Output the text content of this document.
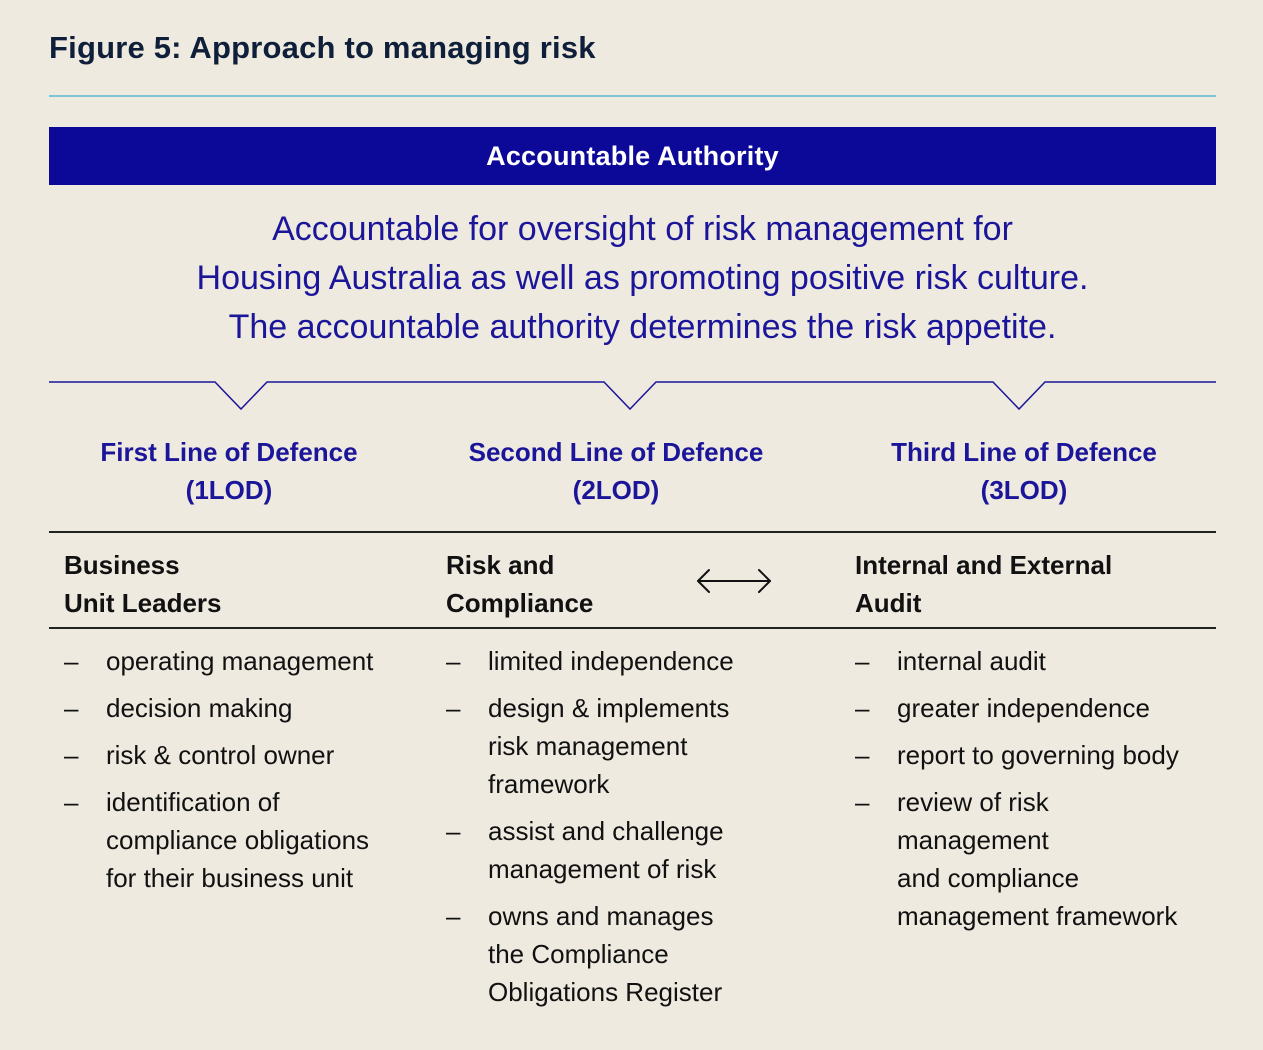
Figure 5: Approach to managing risk
Accountable Authority
Accountable for oversight of risk management for
Housing Australia as well as promoting positive risk culture.
The accountable authority determines the risk appetite.
First Line of Defence
(1LOD)
Second Line of Defence
(2LOD)
Third Line of Defence
(3LOD)
Business
Unit Leaders
Risk and
Compliance
Internal and External
Audit
– operating management
– decision making
– risk & control owner
– identification of
compliance obligations
for their business unit
– limited independence
– design & implements
risk management
framework
– assist and challenge
management of risk
– owns and manages
the Compliance
Obligations Register
– internal audit
– greater independence
– report to governing body
– review of risk
management
and compliance
management framework
